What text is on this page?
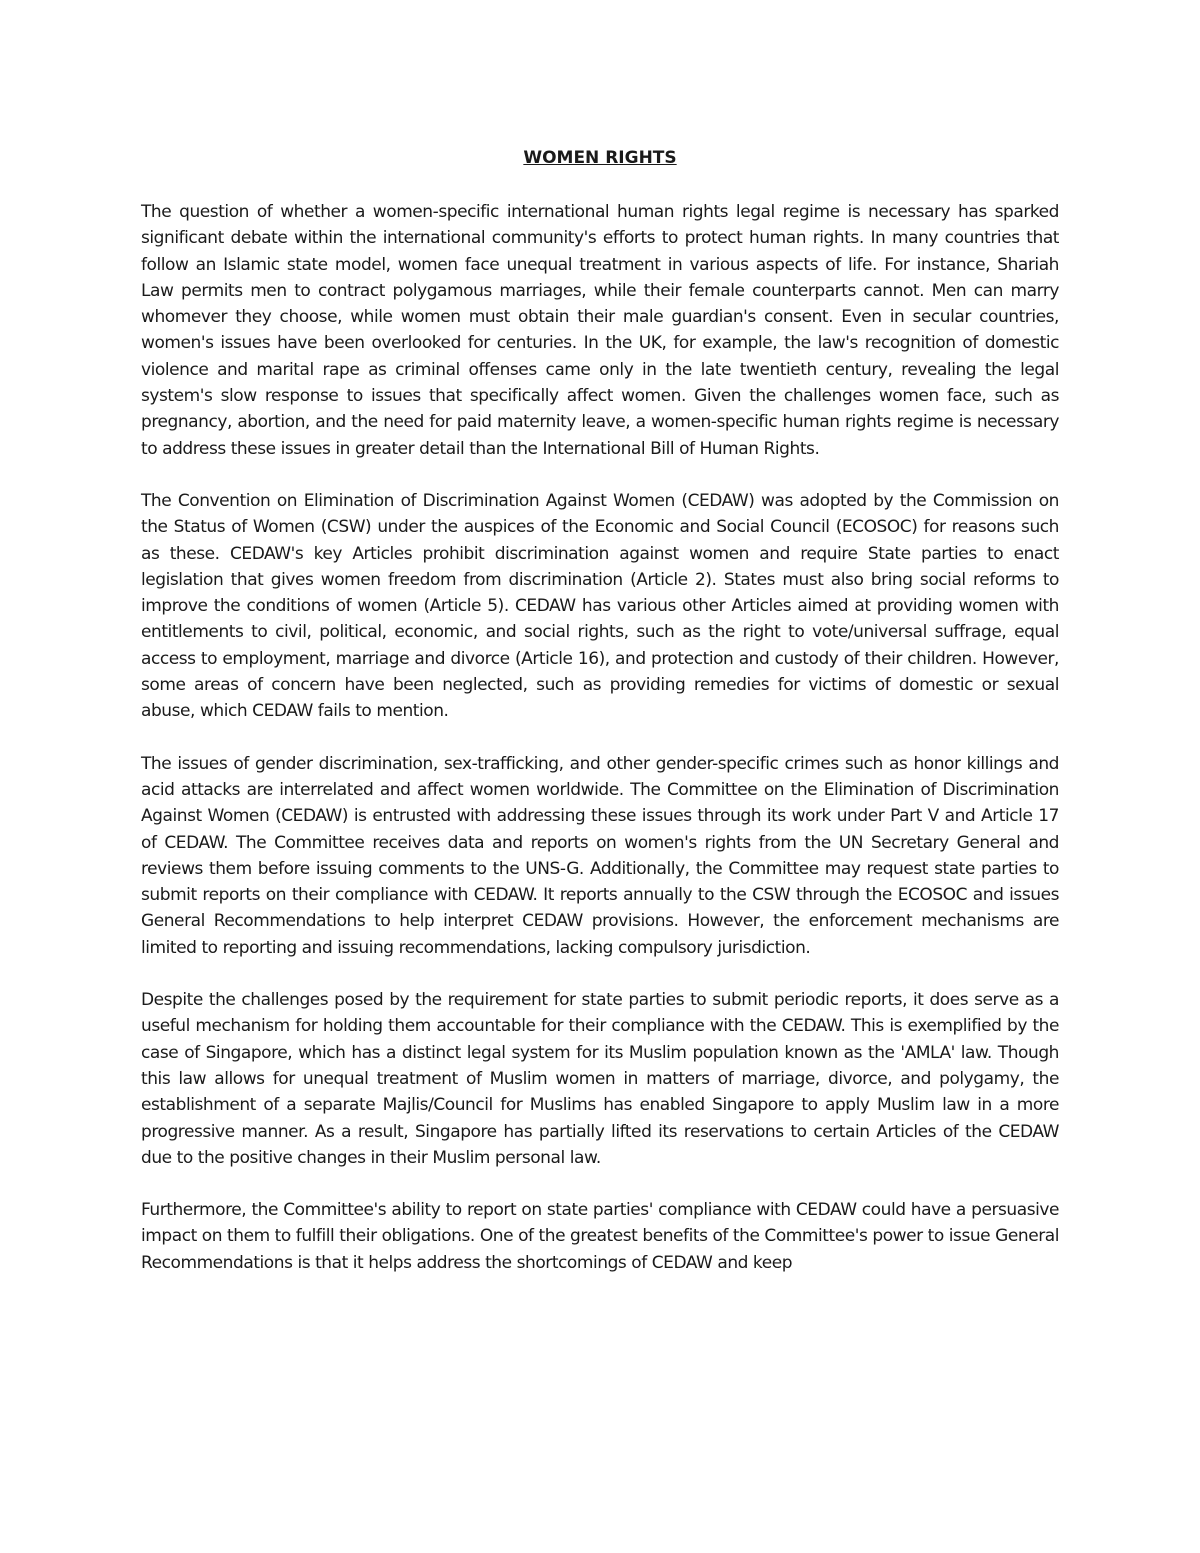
WOMEN RIGHTS

The question of whether a women-specific international human rights legal regime is necessary has sparked significant debate within the international community's efforts to protect human rights. In many countries that follow an Islamic state model, women face unequal treatment in various aspects of life. For instance, Shariah Law permits men to contract polygamous marriages, while their female counterparts cannot. Men can marry whomever they choose, while women must obtain their male guardian's consent. Even in secular countries, women's issues have been overlooked for centuries. In the UK, for example, the law's recognition of domestic violence and marital rape as criminal offenses came only in the late twentieth century, revealing the legal system's slow response to issues that specifically affect women. Given the challenges women face, such as pregnancy, abortion, and the need for paid maternity leave, a women-specific human rights regime is necessary to address these issues in greater detail than the International Bill of Human Rights.

The Convention on Elimination of Discrimination Against Women (CEDAW) was adopted by the Commission on the Status of Women (CSW) under the auspices of the Economic and Social Council (ECOSOC) for reasons such as these. CEDAW's key Articles prohibit discrimination against women and require State parties to enact legislation that gives women freedom from discrimination (Article 2). States must also bring social reforms to improve the conditions of women (Article 5). CEDAW has various other Articles aimed at providing women with entitlements to civil, political, economic, and social rights, such as the right to vote/universal suffrage, equal access to employment, marriage and divorce (Article 16), and protection and custody of their children. However, some areas of concern have been neglected, such as providing remedies for victims of domestic or sexual abuse, which CEDAW fails to mention.

The issues of gender discrimination, sex-trafficking, and other gender-specific crimes such as honor killings and acid attacks are interrelated and affect women worldwide. The Committee on the Elimination of Discrimination Against Women (CEDAW) is entrusted with addressing these issues through its work under Part V and Article 17 of CEDAW. The Committee receives data and reports on women's rights from the UN Secretary General and reviews them before issuing comments to the UNS-G. Additionally, the Committee may request state parties to submit reports on their compliance with CEDAW. It reports annually to the CSW through the ECOSOC and issues General Recommendations to help interpret CEDAW provisions. However, the enforcement mechanisms are limited to reporting and issuing recommendations, lacking compulsory jurisdiction.

Despite the challenges posed by the requirement for state parties to submit periodic reports, it does serve as a useful mechanism for holding them accountable for their compliance with the CEDAW. This is exemplified by the case of Singapore, which has a distinct legal system for its Muslim population known as the 'AMLA' law. Though this law allows for unequal treatment of Muslim women in matters of marriage, divorce, and polygamy, the establishment of a separate Majlis/Council for Muslims has enabled Singapore to apply Muslim law in a more progressive manner. As a result, Singapore has partially lifted its reservations to certain Articles of the CEDAW due to the positive changes in their Muslim personal law.

Furthermore, the Committee's ability to report on state parties' compliance with CEDAW could have a persuasive impact on them to fulfill their obligations. One of the greatest benefits of the Committee's power to issue General Recommendations is that it helps address the shortcomings of CEDAW and keep
